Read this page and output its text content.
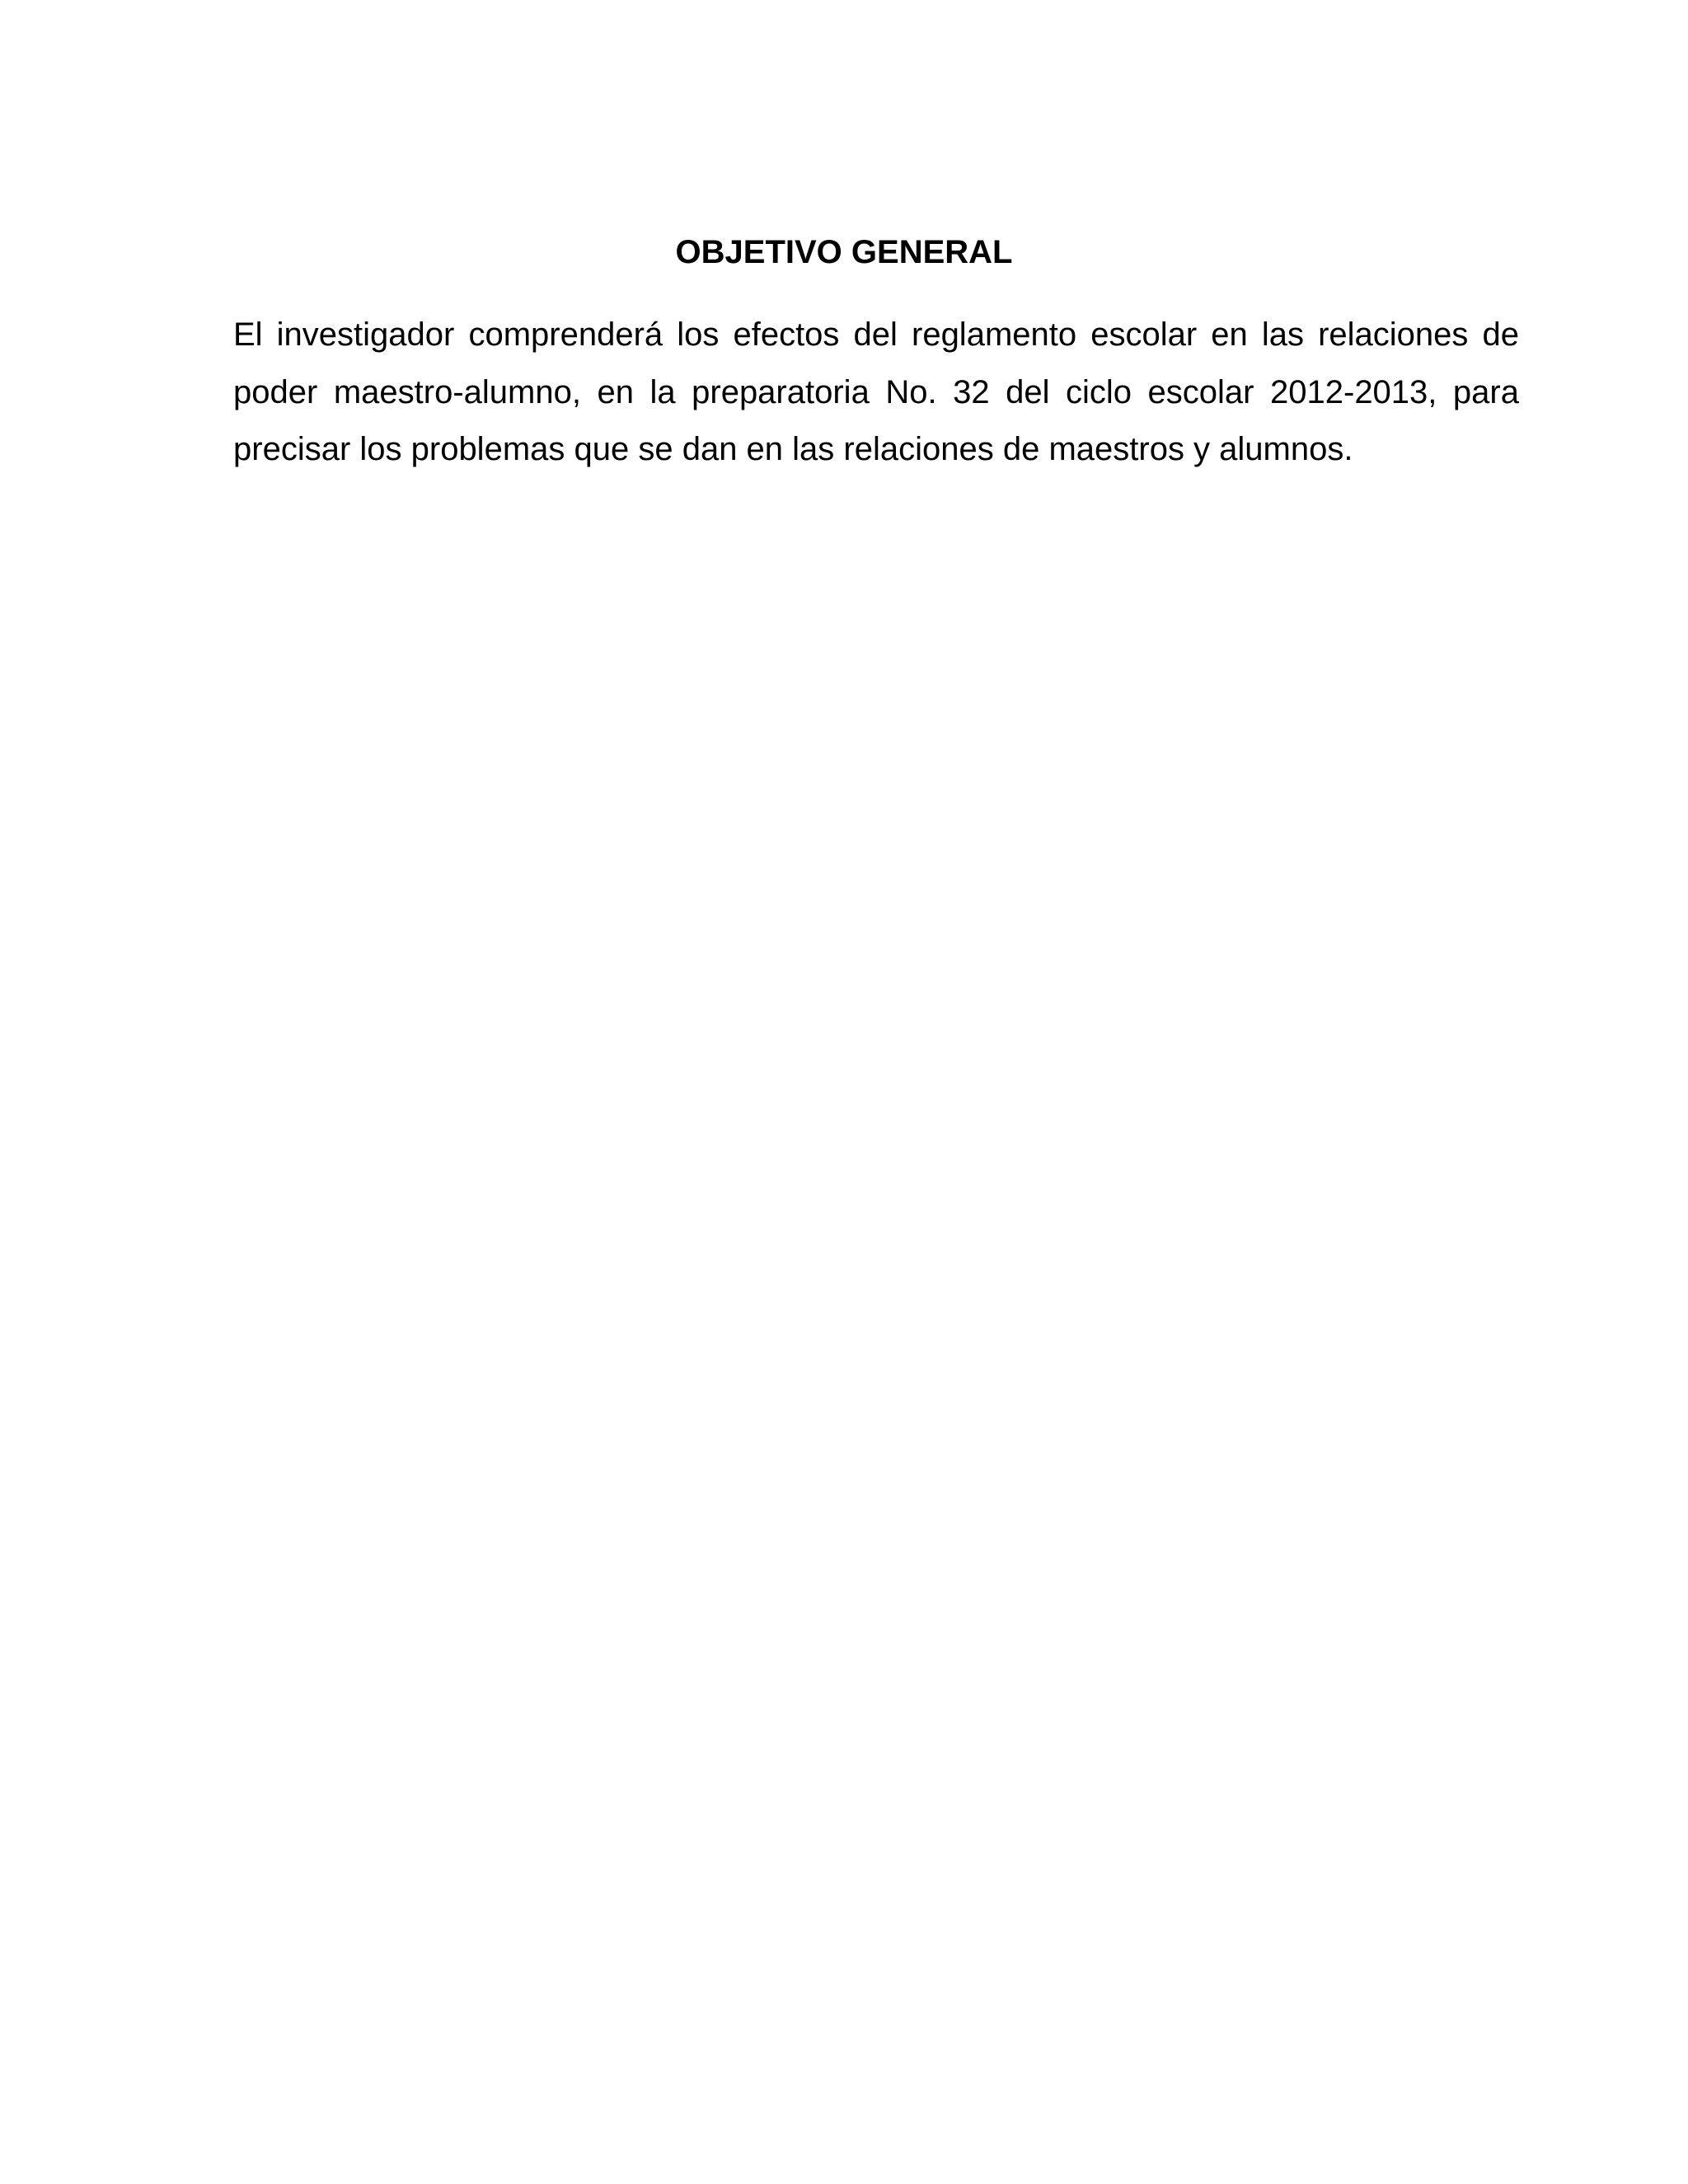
OBJETIVO GENERAL

El investigador comprenderá los efectos del reglamento escolar en las relaciones de poder maestro-alumno, en la preparatoria No. 32 del ciclo escolar 2012-2013, para precisar los problemas que se dan en las relaciones de maestros y alumnos.
